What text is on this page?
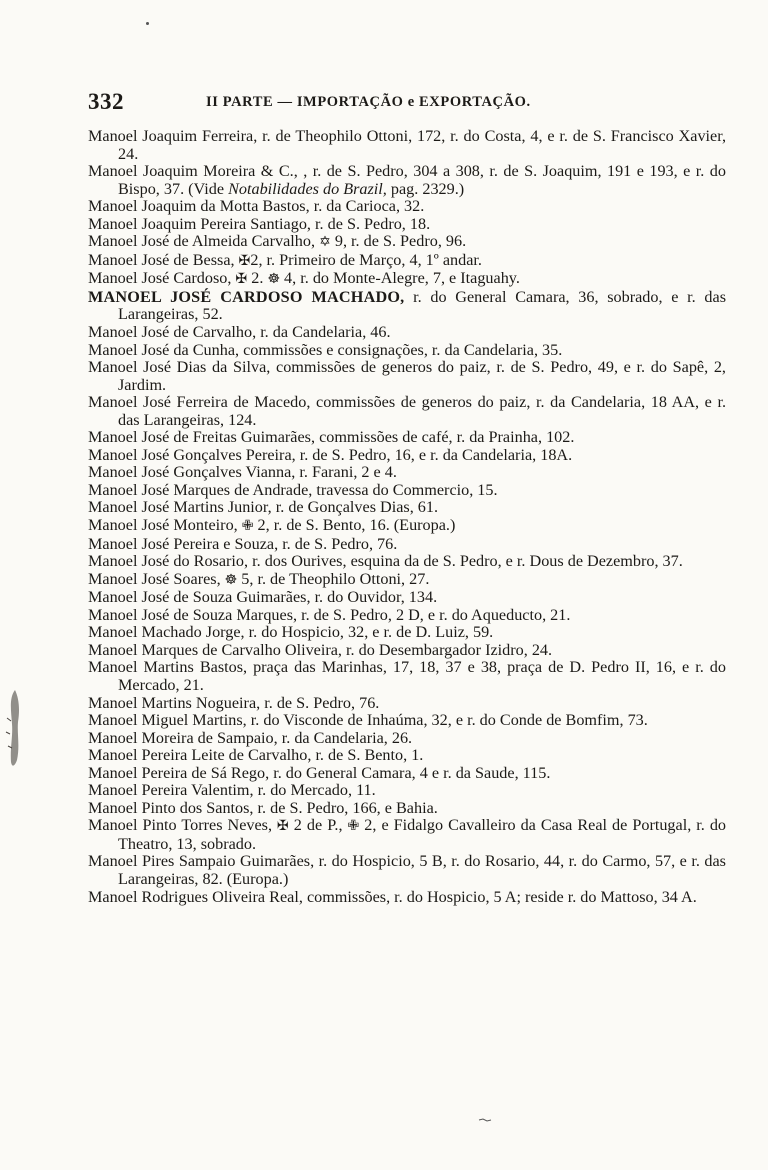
332	II PARTE — IMPORTAÇÃO e EXPORTAÇÃO.
Manoel Joaquim Ferreira, r. de Theophilo Ottoni, 172, r. do Costa, 4, e r. de S. Francisco Xavier, 24.
Manoel Joaquim Moreira & C., , r. de S. Pedro, 304 a 308, r. de S. Joaquim, 191 e 193, e r. do Bispo, 37. (Vide Notabilidades do Brazil, pag. 2329.)
Manoel Joaquim da Motta Bastos, r. da Carioca, 32.
Manoel Joaquim Pereira Santiago, r. de S. Pedro, 18.
Manoel José de Almeida Carvalho, ✡ 9, r. de S. Pedro, 96.
Manoel José de Bessa, ✠2, r. Primeiro de Março, 4, 1º andar.
Manoel José Cardoso, ✠ 2. ☸ 4, r. do Monte-Alegre, 7, e Itaguahy.
MANOEL JOSÉ CARDOSO MACHADO, r. do General Camara, 36, sobrado, e r. das Larangeiras, 52.
Manoel José de Carvalho, r. da Candelaria, 46.
Manoel José da Cunha, commissões e consignações, r. da Candelaria, 35.
Manoel José Dias da Silva, commissões de generos do paiz, r. de S. Pedro, 49, e r. do Sapê, 2, Jardim.
Manoel José Ferreira de Macedo, commissões de generos do paiz, r. da Candelaria, 18 AA, e r. das Larangeiras, 124.
Manoel José de Freitas Guimarães, commissões de café, r. da Prainha, 102.
Manoel José Gonçalves Pereira, r. de S. Pedro, 16, e r. da Candelaria, 18A.
Manoel José Gonçalves Vianna, r. Farani, 2 e 4.
Manoel José Marques de Andrade, travessa do Commercio, 15.
Manoel José Martins Junior, r. de Gonçalves Dias, 61.
Manoel José Monteiro, ✙ 2, r. de S. Bento, 16. (Europa.)
Manoel José Pereira e Souza, r. de S. Pedro, 76.
Manoel José do Rosario, r. dos Ourives, esquina da de S. Pedro, e r. Dous de Dezembro, 37.
Manoel José Soares, ☸ 5, r. de Theophilo Ottoni, 27.
Manoel José de Souza Guimarães, r. do Ouvidor, 134.
Manoel José de Souza Marques, r. de S. Pedro, 2 D, e r. do Aqueducto, 21.
Manoel Machado Jorge, r. do Hospicio, 32, e r. de D. Luiz, 59.
Manoel Marques de Carvalho Oliveira, r. do Desembargador Izidro, 24.
Manoel Martins Bastos, praça das Marinhas, 17, 18, 37 e 38, praça de D. Pedro II, 16, e r. do Mercado, 21.
Manoel Martins Nogueira, r. de S. Pedro, 76.
Manoel Miguel Martins, r. do Visconde de Inhaúma, 32, e r. do Conde de Bomfim, 73.
Manoel Moreira de Sampaio, r. da Candelaria, 26.
Manoel Pereira Leite de Carvalho, r. de S. Bento, 1.
Manoel Pereira de Sá Rego, r. do General Camara, 4 e r. da Saude, 115.
Manoel Pereira Valentim, r. do Mercado, 11.
Manoel Pinto dos Santos, r. de S. Pedro, 166, e Bahia.
Manoel Pinto Torres Neves, ✠ 2 de P., ✙ 2, e Fidalgo Cavalleiro da Casa Real de Portugal, r. do Theatro, 13, sobrado.
Manoel Pires Sampaio Guimarães, r. do Hospicio, 5 B, r. do Rosario, 44, r. do Carmo, 57, e r. das Larangeiras, 82. (Europa.)
Manoel Rodrigues Oliveira Real, commissões, r. do Hospicio, 5 A; reside r. do Mattoso, 34 A.
